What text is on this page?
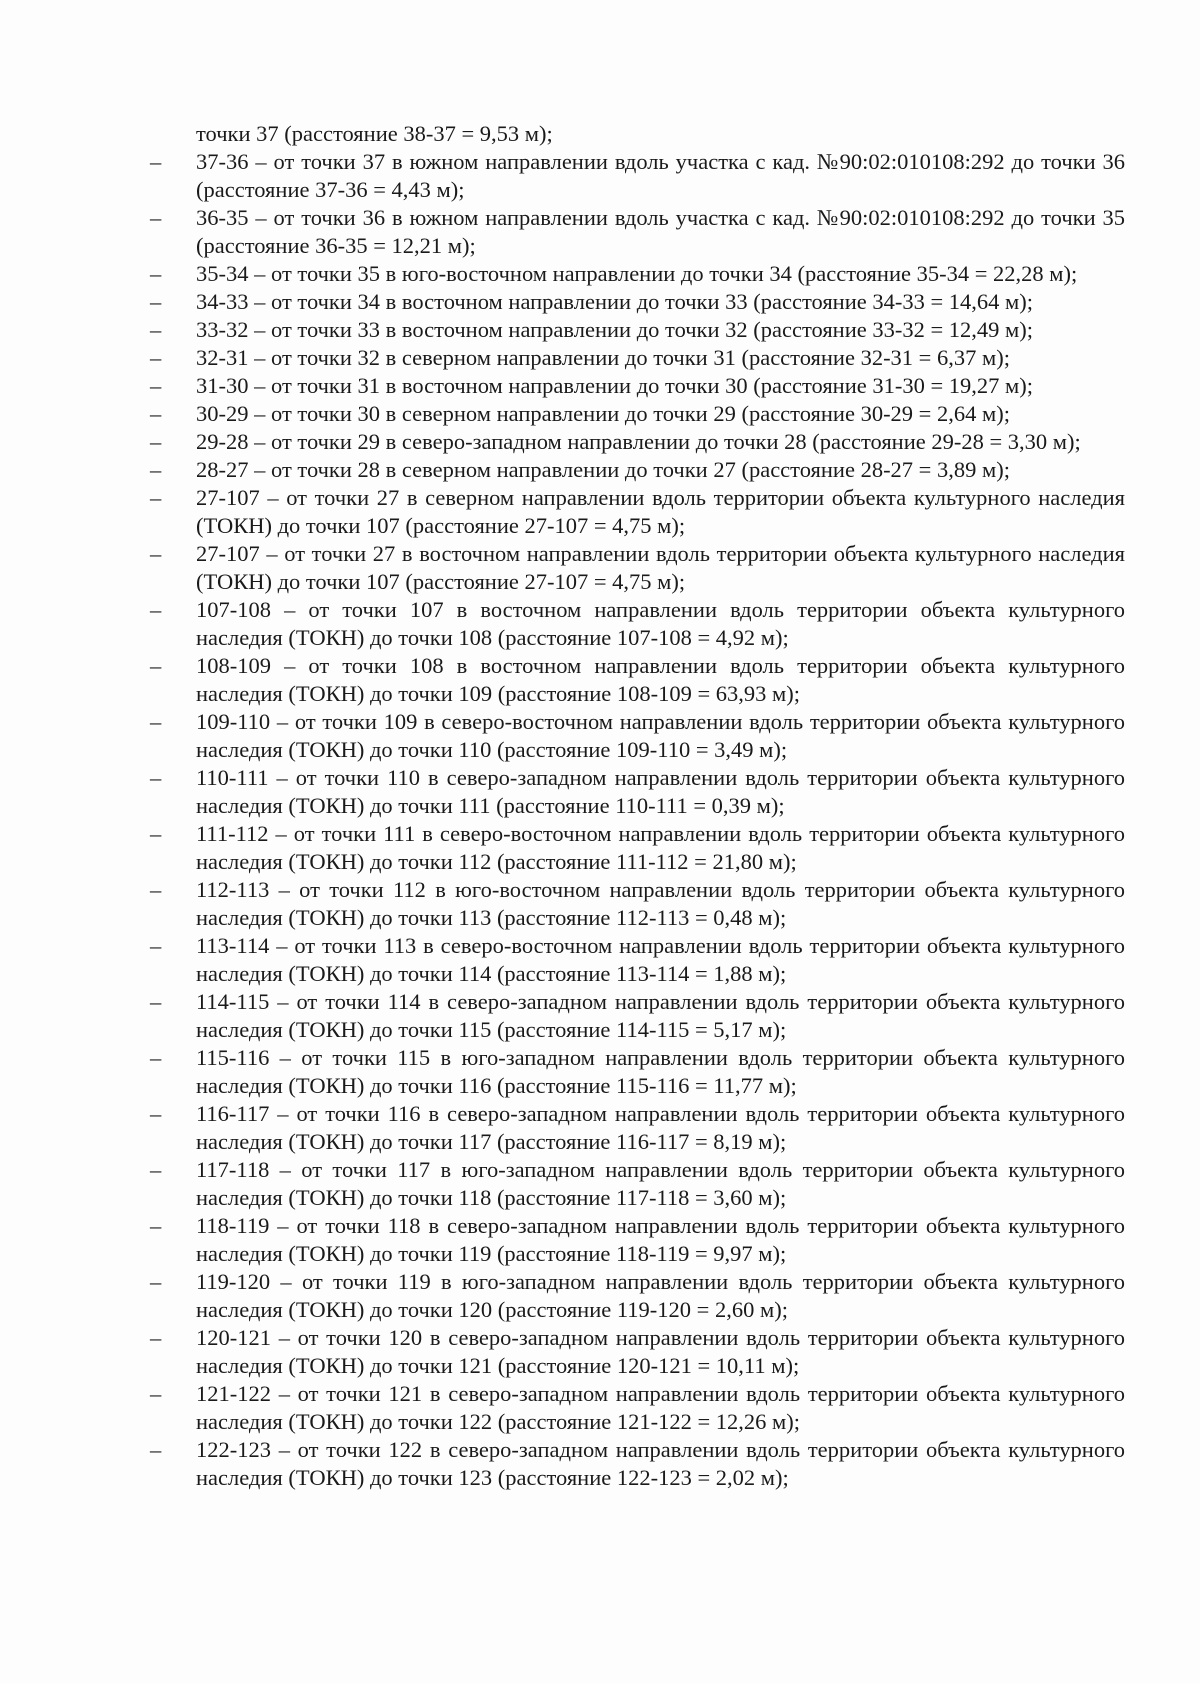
точки 37 (расстояние 38-37 = 9,53 м);
–	37-36 – от точки 37 в южном направлении вдоль участка с кад. №90:02:010108:292 до точки 36 (расстояние 37-36 = 4,43 м);
–	36-35 – от точки 36 в южном направлении вдоль участка с кад. №90:02:010108:292 до точки 35 (расстояние 36-35 = 12,21 м);
–	35-34 – от точки 35 в юго-восточном направлении до точки 34 (расстояние 35-34 = 22,28 м);
–	34-33 – от точки 34 в восточном направлении до точки 33 (расстояние 34-33 = 14,64 м);
–	33-32 – от точки 33 в восточном направлении до точки 32 (расстояние 33-32 = 12,49 м);
–	32-31 – от точки 32 в северном направлении до точки 31 (расстояние 32-31 = 6,37 м);
–	31-30 – от точки 31 в восточном направлении до точки 30 (расстояние 31-30 = 19,27 м);
–	30-29 – от точки 30 в северном направлении до точки 29 (расстояние 30-29 = 2,64 м);
–	29-28 – от точки 29 в северо-западном направлении до точки 28 (расстояние 29-28 = 3,30 м);
–	28-27 – от точки 28 в северном направлении до точки 27 (расстояние 28-27 = 3,89 м);
–	27-107 – от точки 27 в северном направлении вдоль территории объекта культурного наследия (ТОКН) до точки 107 (расстояние 27-107 = 4,75 м);
–	27-107 – от точки 27 в восточном направлении вдоль территории объекта культурного наследия (ТОКН) до точки 107 (расстояние 27-107 = 4,75 м);
–	107-108 – от точки 107 в восточном направлении вдоль территории объекта культурного наследия (ТОКН) до точки 108 (расстояние 107-108 = 4,92 м);
–	108-109 – от точки 108 в восточном направлении вдоль территории объекта культурного наследия (ТОКН) до точки 109 (расстояние 108-109 = 63,93 м);
–	109-110 – от точки 109 в северо-восточном направлении вдоль территории объекта культурного наследия (ТОКН) до точки 110 (расстояние 109-110 = 3,49 м);
–	110-111 – от точки 110 в северо-западном направлении вдоль территории объекта культурного наследия (ТОКН) до точки 111 (расстояние 110-111 = 0,39 м);
–	111-112 – от точки 111 в северо-восточном направлении вдоль территории объекта культурного наследия (ТОКН) до точки 112 (расстояние 111-112 = 21,80 м);
–	112-113 – от точки 112 в юго-восточном направлении вдоль территории объекта культурного наследия (ТОКН) до точки 113 (расстояние 112-113 = 0,48 м);
–	113-114 – от точки 113 в северо-восточном направлении вдоль территории объекта культурного наследия (ТОКН) до точки 114 (расстояние 113-114 = 1,88 м);
–	114-115 – от точки 114 в северо-западном направлении вдоль территории объекта культурного наследия (ТОКН) до точки 115 (расстояние 114-115 = 5,17 м);
–	115-116 – от точки 115 в юго-западном направлении вдоль территории объекта культурного наследия (ТОКН) до точки 116 (расстояние 115-116 = 11,77 м);
–	116-117 – от точки 116 в северо-западном направлении вдоль территории объекта культурного наследия (ТОКН) до точки 117 (расстояние 116-117 = 8,19 м);
–	117-118 – от точки 117 в юго-западном направлении вдоль территории объекта культурного наследия (ТОКН) до точки 118 (расстояние 117-118 = 3,60 м);
–	118-119 – от точки 118 в северо-западном направлении вдоль территории объекта культурного наследия (ТОКН) до точки 119 (расстояние 118-119 = 9,97 м);
–	119-120 – от точки 119 в юго-западном направлении вдоль территории объекта культурного наследия (ТОКН) до точки 120 (расстояние 119-120 = 2,60 м);
–	120-121 – от точки 120 в северо-западном направлении вдоль территории объекта культурного наследия (ТОКН) до точки 121 (расстояние 120-121 = 10,11 м);
–	121-122 – от точки 121 в северо-западном направлении вдоль территории объекта культурного наследия (ТОКН) до точки 122 (расстояние 121-122 = 12,26 м);
–	122-123 – от точки 122 в северо-западном направлении вдоль территории объекта культурного наследия (ТОКН) до точки 123 (расстояние 122-123 = 2,02 м);
